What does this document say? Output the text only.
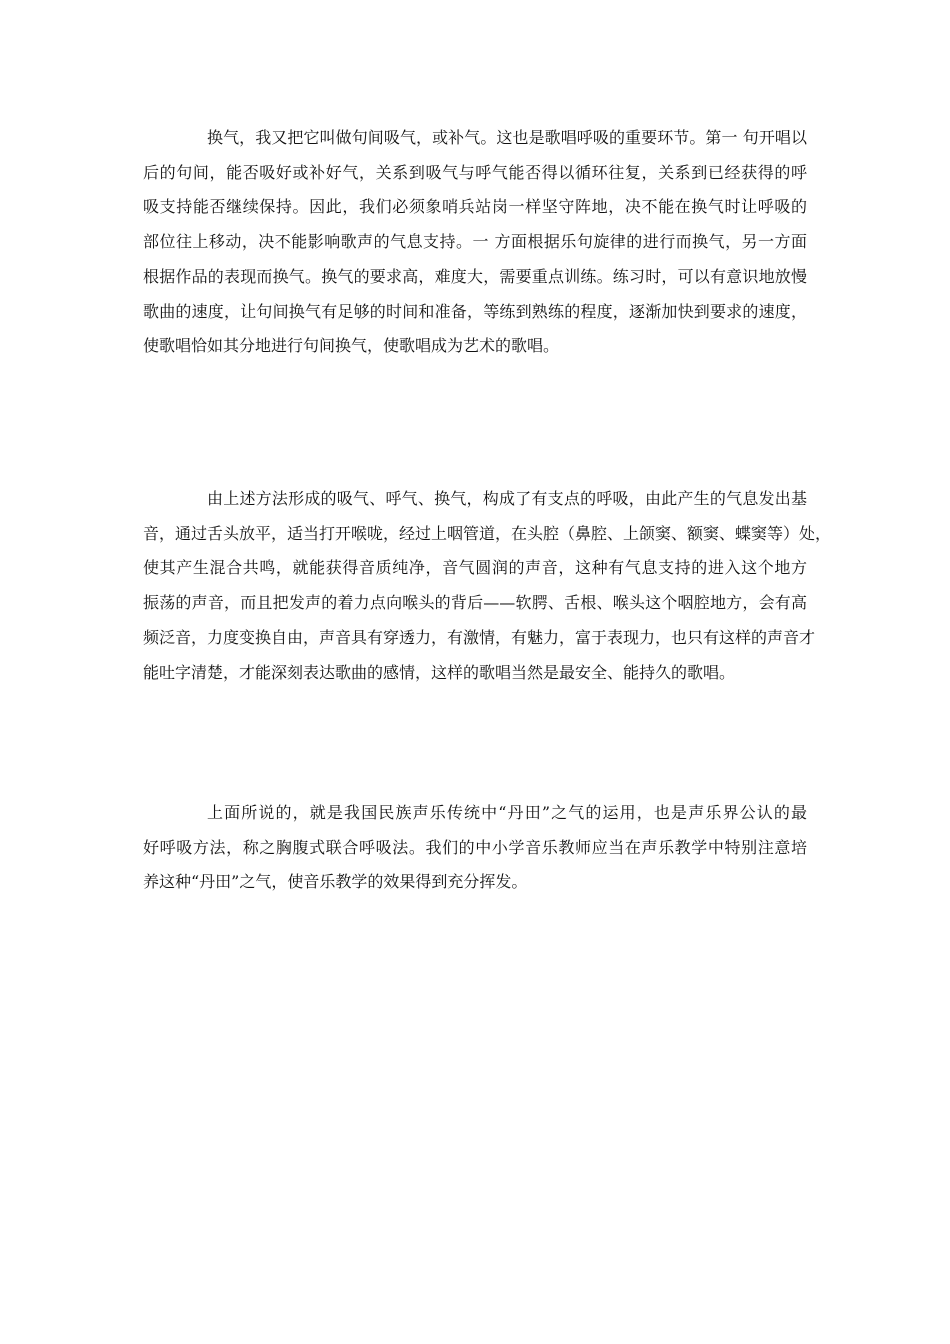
换气，我又把它叫做句间吸气，或补气。这也是歌唱呼吸的重要环节。第一 句开唱以
后的句间，能否吸好或补好气，关系到吸气与呼气能否得以循环往复，关系到已经获得的呼
吸支持能否继续保持。因此，我们必须象哨兵站岗一样坚守阵地，决不能在换气时让呼吸的
部位往上移动，决不能影响歌声的气息支持。一 方面根据乐句旋律的进行而换气，另一方面
根据作品的表现而换气。换气的要求高，难度大，需要重点训练。练习时，可以有意识地放慢
歌曲的速度，让句间换气有足够的时间和准备，等练到熟练的程度，逐渐加快到要求的速度，
使歌唱恰如其分地进行句间换气，使歌唱成为艺术的歌唱。
由上述方法形成的吸气、呼气、换气，构成了有支点的呼吸，由此产生的气息发出基
音，通过舌头放平，适当打开喉咙，经过上咽管道，在头腔（鼻腔、上颌窦、额窦、蝶窦等）处，
使其产生混合共鸣，就能获得音质纯净，音气圆润的声音，这种有气息支持的进入这个地方
振荡的声音，而且把发声的着力点向喉头的背后——软腭、舌根、喉头这个咽腔地方，会有高
频泛音，力度变换自由，声音具有穿透力，有激情，有魅力，富于表现力，也只有这样的声音才
能吐字清楚，才能深刻表达歌曲的感情，这样的歌唱当然是最安全、能持久的歌唱。
上面所说的，就是我国民族声乐传统中“丹田”之气的运用，也是声乐界公认的最
好呼吸方法，称之胸腹式联合呼吸法。我们的中小学音乐教师应当在声乐教学中特别注意培
养这种“丹田”之气，使音乐教学的效果得到充分挥发。
